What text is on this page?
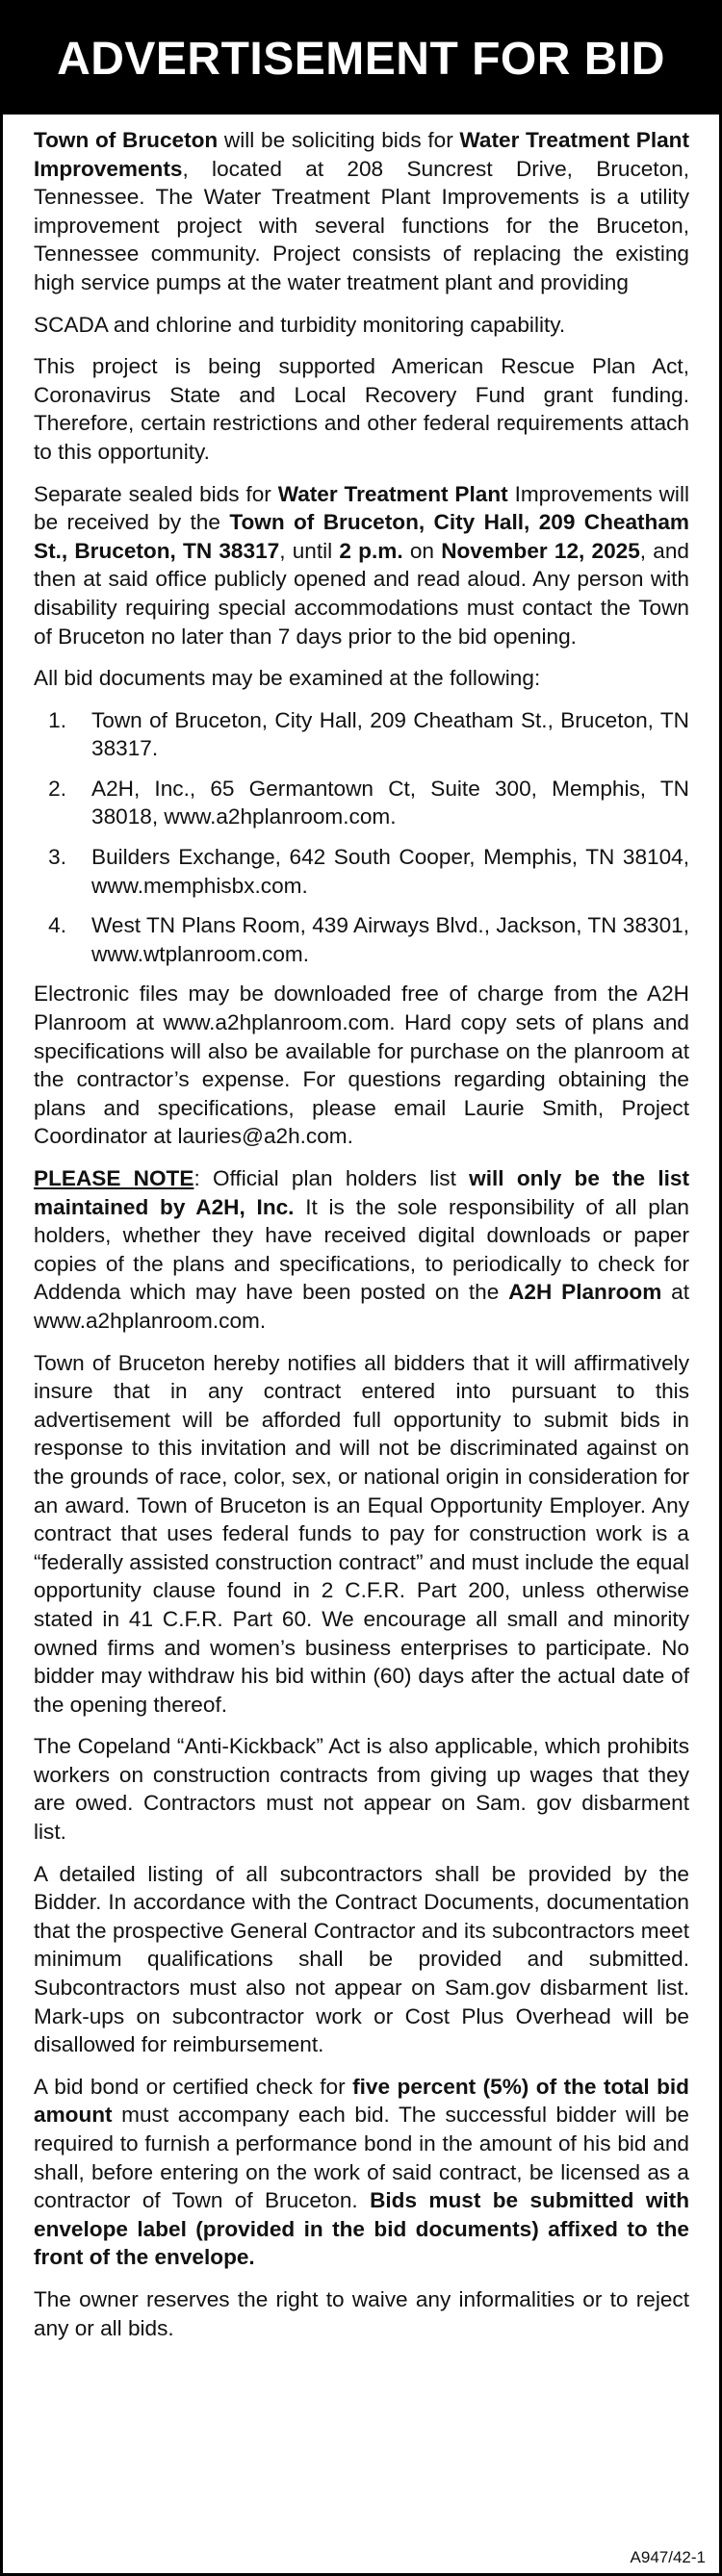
ADVERTISEMENT FOR BID

Town of Bruceton will be soliciting bids for Water Treatment Plant Improvements, located at 208 Suncrest Drive, Bruceton, Tennessee. The Water Treatment Plant Improvements is a utility improvement project with several functions for the Bruceton, Tennessee community. Project consists of replacing the existing high service pumps at the water treatment plant and providing

SCADA and chlorine and turbidity monitoring capability.

This project is being supported American Rescue Plan Act, Coronavirus State and Local Recovery Fund grant funding. Therefore, certain restrictions and other federal requirements attach to this opportunity.

Separate sealed bids for Water Treatment Plant Improvements will be received by the Town of Bruceton, City Hall, 209 Cheatham St., Bruceton, TN 38317, until 2 p.m. on November 12, 2025, and then at said office publicly opened and read aloud. Any person with disability requiring special accommodations must contact the Town of Bruceton no later than 7 days prior to the bid opening.

All bid documents may be examined at the following:

1.	Town of Bruceton, City Hall, 209 Cheatham St., Bruceton, TN 38317.
2.	A2H, Inc., 65 Germantown Ct, Suite 300, Memphis, TN 38018, www.a2hplanroom.com.
3.	Builders Exchange, 642 South Cooper, Memphis, TN 38104, www.memphisbx.com.
4.	West TN Plans Room, 439 Airways Blvd., Jackson, TN 38301, www.wtplanroom.com.

Electronic files may be downloaded free of charge from the A2H Planroom at www.a2hplanroom.com. Hard copy sets of plans and specifications will also be available for purchase on the planroom at the contractor’s expense. For questions regarding obtaining the plans and specifications, please email Laurie Smith, Project Coordinator at lauries@a2h.com.

PLEASE NOTE: Official plan holders list will only be the list maintained by A2H, Inc. It is the sole responsibility of all plan holders, whether they have received digital downloads or paper copies of the plans and specifications, to periodically to check for Addenda which may have been posted on the A2H Planroom at www.a2hplanroom.com.

Town of Bruceton hereby notifies all bidders that it will affirmatively insure that in any contract entered into pursuant to this advertisement will be afforded full opportunity to submit bids in response to this invitation and will not be discriminated against on the grounds of race, color, sex, or national origin in consideration for an award. Town of Bruceton is an Equal Opportunity Employer. Any contract that uses federal funds to pay for construction work is a “federally assisted construction contract” and must include the equal opportunity clause found in 2 C.F.R. Part 200, unless otherwise stated in 41 C.F.R. Part 60. We encourage all small and minority owned firms and women’s business enterprises to participate. No bidder may withdraw his bid within (60) days after the actual date of the opening thereof.

The Copeland “Anti-Kickback” Act is also applicable, which prohibits workers on construction contracts from giving up wages that they are owed. Contractors must not appear on Sam. gov disbarment list.

A detailed listing of all subcontractors shall be provided by the Bidder. In accordance with the Contract Documents, documentation that the prospective General Contractor and its subcontractors meet minimum qualifications shall be provided and submitted. Subcontractors must also not appear on Sam.gov disbarment list. Mark-ups on subcontractor work or Cost Plus Overhead will be disallowed for reimbursement.

A bid bond or certified check for five percent (5%) of the total bid amount must accompany each bid. The successful bidder will be required to furnish a performance bond in the amount of his bid and shall, before entering on the work of said contract, be licensed as a contractor of Town of Bruceton. Bids must be submitted with envelope label (provided in the bid documents) affixed to the front of the envelope.

The owner reserves the right to waive any informalities or to reject any or all bids.

A947/42-1
